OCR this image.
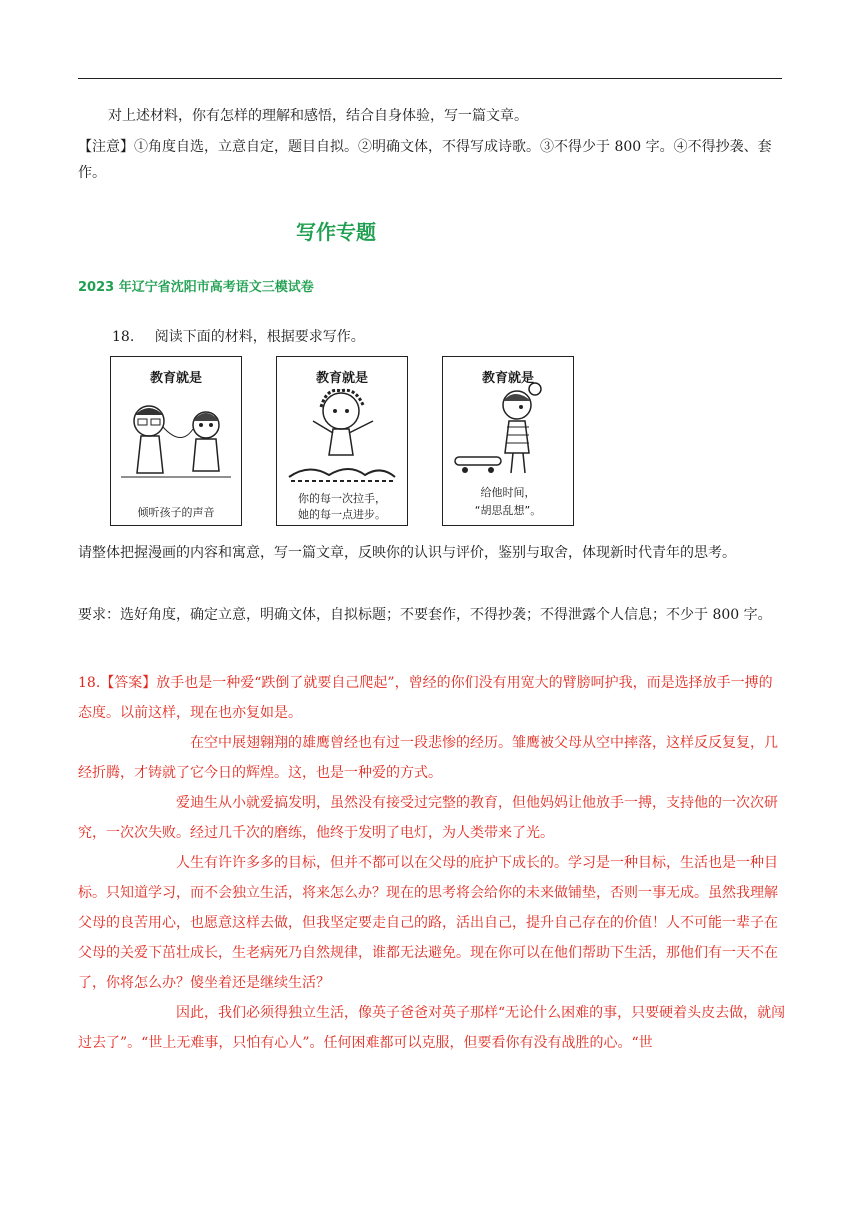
对上述材料，你有怎样的理解和感悟，结合自身体验，写一篇文章。
【注意】①角度自选，立意自定，题目自拟。②明确文体，不得写成诗歌。③不得少于 800 字。④不得抄袭、套作。
写作专题
2023 年辽宁省沈阳市高考语文三模试卷
18. 阅读下面的材料，根据要求写作。
教育就是
倾听孩子的声音
教育就是
你的每一次拉手，
她的每一点进步。
教育就是
给他时间，
“胡思乱想”。
请整体把握漫画的内容和寓意，写一篇文章，反映你的认识与评价，鉴别与取舍，体现新时代青年的思考。
要求：选好角度，确定立意，明确文体，自拟标题；不要套作，不得抄袭；不得泄露个人信息；不少于 800 字。

18.【答案】放手也是一种爱“跌倒了就要自己爬起”，曾经的你们没有用宽大的臂膀呵护我，而是选择放手一搏的态度。以前这样，现在也亦复如是。

在空中展翅翱翔的雄鹰曾经也有过一段悲惨的经历。雏鹰被父母从空中摔落，这样反反复复，几经折腾，才铸就了它今日的辉煌。这，也是一种爱的方式。

爱迪生从小就爱搞发明，虽然没有接受过完整的教育，但他妈妈让他放手一搏，支持他的一次次研究，一次次失败。经过几千次的磨练，他终于发明了电灯，为人类带来了光。

人生有许许多多的目标，但并不都可以在父母的庇护下成长的。学习是一种目标，生活也是一种目标。只知道学习，而不会独立生活，将来怎么办？现在的思考将会给你的未来做铺垫，否则一事无成。虽然我理解父母的良苦用心，也愿意这样去做，但我坚定要走自己的路，活出自己，提升自己存在的价值！人不可能一辈子在父母的关爱下茁壮成长，生老病死乃自然规律，谁都无法避免。现在你可以在他们帮助下生活，那他们有一天不在了，你将怎么办？傻坐着还是继续生活？

因此，我们必须得独立生活，像英子爸爸对英子那样“无论什么困难的事，只要硬着头皮去做，就闯过去了”。“世上无难事，只怕有心人”。任何困难都可以克服，但要看你有没有战胜的心。“世
